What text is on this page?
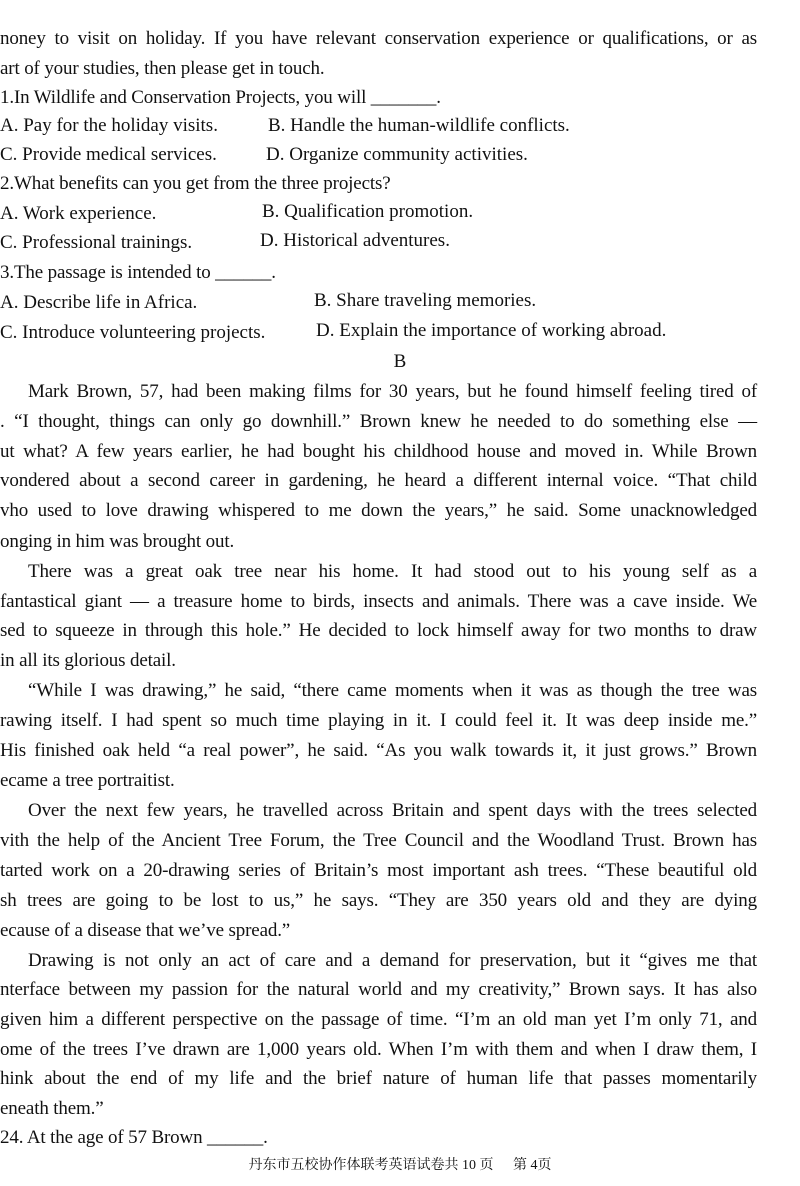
noney to visit on holiday. If you have relevant conservation experience or qualifications, or as
art of your studies, then please get in touch.
1.In Wildlife and Conservation Projects, you will _______.
A. Pay for the holiday visits.	B. Handle the human-wildlife conflicts.
C. Provide medical services.	D. Organize community activities.
2.What benefits can you get from the three projects?
A. Work experience.	B. Qualification promotion.
C. Professional trainings.	D. Historical adventures.
3.The passage is intended to ______.
A. Describe life in Africa.	B. Share traveling memories.
C. Introduce volunteering projects.	D. Explain the importance of working abroad.
B
Mark Brown, 57, had been making films for 30 years, but he found himself feeling tired of
. “I thought, things can only go downhill.” Brown knew he needed to do something else —
ut what? A few years earlier, he had bought his childhood house and moved in. While Brown
vondered about a second career in gardening, he heard a different internal voice. “That child
vho used to love drawing whispered to me down the years,” he said. Some unacknowledged
onging in him was brought out.
There was a great oak tree near his home. It had stood out to his young self as a
fantastical giant — a treasure home to birds, insects and animals. There was a cave inside. We
sed to squeeze in through this hole.” He decided to lock himself away for two months to draw
in all its glorious detail.
“While I was drawing,” he said, “there came moments when it was as though the tree was
rawing itself. I had spent so much time playing in it. I could feel it. It was deep inside me.”
His finished oak held “a real power”, he said. “As you walk towards it, it just grows.” Brown
ecame a tree portraitist.
Over the next few years, he travelled across Britain and spent days with the trees selected
vith the help of the Ancient Tree Forum, the Tree Council and the Woodland Trust. Brown has
tarted work on a 20-drawing series of Britain’s most important ash trees. “These beautiful old
sh trees are going to be lost to us,” he says. “They are 350 years old and they are dying
ecause of a disease that we’ve spread.”
Drawing is not only an act of care and a demand for preservation, but it “gives me that
nterface between my passion for the natural world and my creativity,” Brown says. It has also
given him a different perspective on the passage of time. “I’m an old man yet I’m only 71, and
ome of the trees I’ve drawn are 1,000 years old. When I’m with them and when I draw them, I
hink about the end of my life and the brief nature of human life that passes momentarily
eneath them.”
24. At the age of 57 Brown ______.
丹东市五校协作体联考英语试卷共 10 页 第 4页
